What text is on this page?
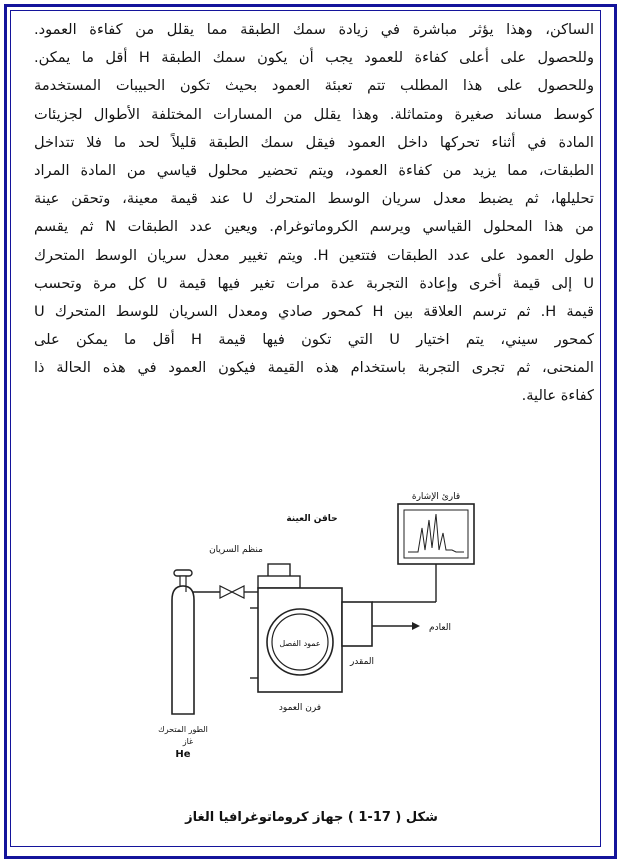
الساكن، وهذا يؤثر مباشرة في زيادة سمك الطبقة مما يقلل من كفاءة العمود.
وللحصول على أعلى كفاءة للعمود يجب أن يكون سمك الطبقة H أقل ما يمكن.
وللحصول على هذا المطلب تتم تعبئة العمود بحيث تكون الحبيبات المستخدمة
كوسط مساند صغيرة ومتماثلة. وهذا يقلل من المسارات المختلفة الأطوال لجزيئات
المادة في أثناء تحركها داخل العمود فيقل سمك الطبقة قليلاً لحد ما فلا تتداخل
الطبقات، مما يزيد من كفاءة العمود، ويتم تحضير محلول قياسي من المادة المراد
تحليلها، ثم يضبط معدل سريان الوسط المتحرك U عند قيمة معينة، وتحقن عينة
من هذا المحلول القياسي ويرسم الكروماتوغرام. ويعين عدد الطبقات N ثم يقسم
طول العمود على عدد الطبقات فتتعين H. ويتم تغيير معدل سريان الوسط المتحرك
U إلى قيمة أخرى وإعادة التجربة عدة مرات تغير فيها قيمة U كل مرة وتحسب
قيمة H. ثم ترسم العلاقة بين H كمحور صادي ومعدل السريان للوسط المتحرك U
كمحور سيني، يتم اختيار U التي تكون فيها قيمة H أقل ما يمكن على
المنحنى، ثم تجرى التجربة باستخدام هذه القيمة فيكون العمود في هذه الحالة ذا
كفاءة عالية.
قارئ الإشارة
حاقن العينة
عمود الفصل
المقدر
العادم
فرن العمود
منظم السريان
الطور المتحرك
غاز
He
شكل ( 17-1 ) جهاز كروماتوغرافيا الغاز
